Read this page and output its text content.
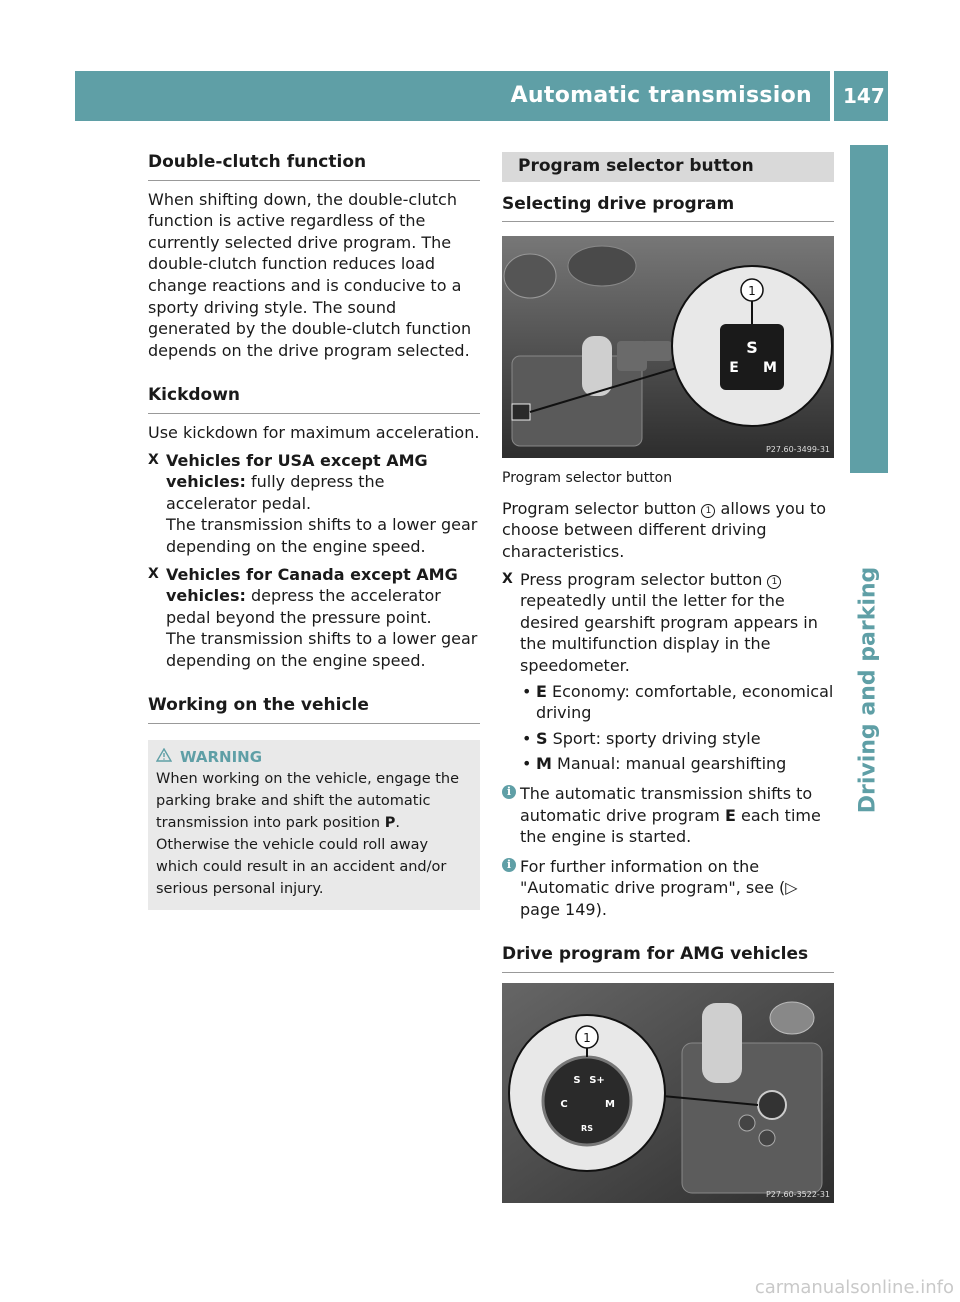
Automatic transmission 147
Driving and parking
Double-clutch function

When shifting down, the double-clutch function is active regardless of the currently selected drive program. The double-clutch function reduces load change reactions and is conducive to a sporty driving style. The sound generated by the double-clutch function depends on the drive program selected.

Kickdown

Use kickdown for maximum acceleration.

X Vehicles for USA except AMG vehicles: fully depress the accelerator pedal.
The transmission shifts to a lower gear depending on the engine speed.
X Vehicles for Canada except AMG vehicles: depress the accelerator pedal beyond the pressure point.
The transmission shifts to a lower gear depending on the engine speed.
Working on the vehicle
WARNING
When working on the vehicle, engage the parking brake and shift the automatic transmission into park position P. Otherwise the vehicle could roll away which could result in an accident and/or serious personal injury.
Program selector button
Selecting drive program
S
E M
1
P27.60-3499-31
Program selector button

Program selector button 1 allows you to choose between different driving characteristics.

X Press program selector button 1 repeatedly until the letter for the desired gearshift program appears in the multifunction display in the speedometer.
• E Economy: comfortable, economical driving
• S Sport: sporty driving style
• M Manual: manual gearshifting
i The automatic transmission shifts to automatic drive program E each time the engine is started.
i For further information on the "Automatic drive program", see (▷ page 149).
Drive program for AMG vehicles
S S+
C	M
RS
1
P27.60-3522-31
carmanualsonline.info
